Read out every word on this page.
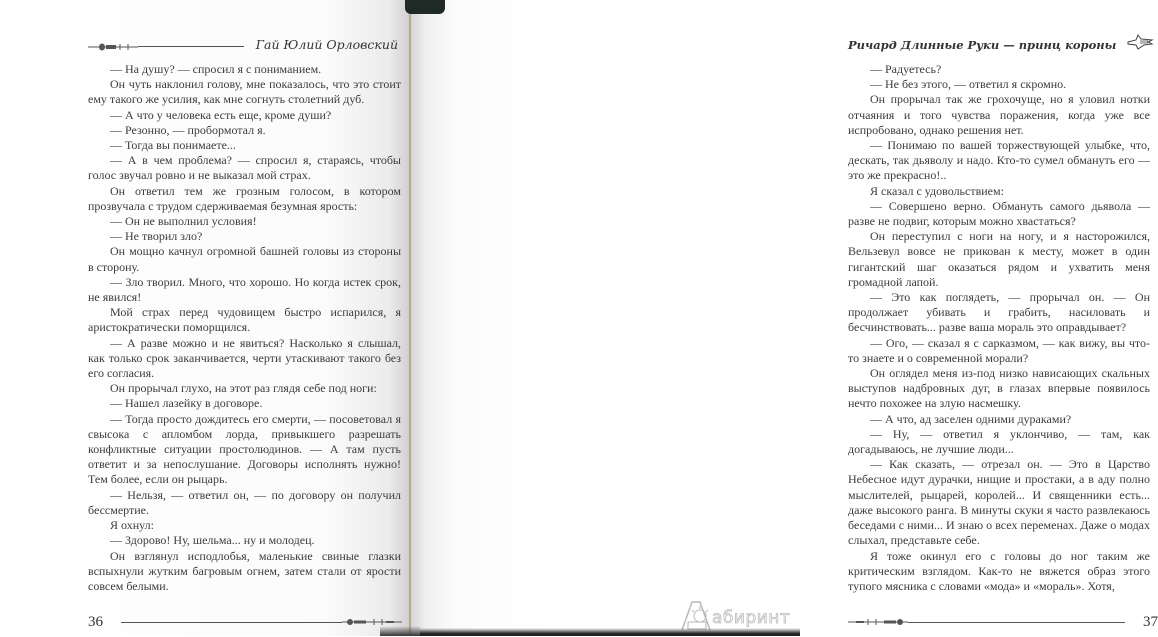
Гай Юлий Орловский

— На душу? — спросил я с пониманием.

Он чуть наклонил голову, мне показалось, что это стоит ему такого же усилия, как мне согнуть столетний дуб.

— А что у человека есть еще, кроме души?

— Резонно, — пробормотал я.

— Тогда вы понимаете...

— А в чем проблема? — спросил я, стараясь, чтобы голос звучал ровно и не выказал мой страх.

Он ответил тем же грозным голосом, в котором прозвучала с трудом сдерживаемая безумная ярость:

— Он не выполнил условия!

— Не творил зло?

Он мощно качнул огромной башней головы из стороны в сторону.

— Зло творил. Много, что хорошо. Но когда истек срок, не явился!

Мой страх перед чудовищем быстро испарился, я аристократически поморщился.

— А разве можно и не явиться? Насколько я слышал, как только срок заканчивается, черти утаскивают такого без его согласия.

Он прорычал глухо, на этот раз глядя себе под ноги:

— Нашел лазейку в договоре.

— Тогда просто дождитесь его смерти, — посоветовал я свысока с апломбом лорда, привыкшего разрешать конфликтные ситуации простолюдинов. — А там пусть ответит и за непослушание. Договоры исполнять нужно! Тем более, если он рыцарь.

— Нельзя, — ответил он, — по договору он получил бессмертие.

Я охнул:

— Здорово! Ну, шельма... ну и молодец.

Он взглянул исподлобья, маленькие свиные глазки вспыхнули жутким багровым огнем, затем стали от ярости совсем белыми.

36
Ричард Длинные Руки — принц короны

— Радуетесь?

— Не без этого, — ответил я скромно.

Он прорычал так же грохочуще, но я уловил нотки отчаяния и того чувства поражения, когда уже все испробовано, однако решения нет.

— Понимаю по вашей торжествующей улыбке, что, дескать, так дьяволу и надо. Кто-то сумел обмануть его — это же прекрасно!..

Я сказал с удовольствием:

— Совершено верно. Обмануть самого дьявола — разве не подвиг, которым можно хвастаться?

Он переступил с ноги на ногу, и я насторожился, Вельзевул вовсе не прикован к месту, может в один гигантский шаг оказаться рядом и ухватить меня громадной лапой.

— Это как поглядеть, — прорычал он. — Он продолжает убивать и грабить, насиловать и бесчинствовать... разве ваша мораль это оправдывает?

— Ого, — сказал я с сарказмом, — как вижу, вы что-то знаете и о современной морали?

Он оглядел меня из-под низко нависающих скальных выступов надбровных дуг, в глазах впервые появилось нечто похожее на злую насмешку.

— А что, ад заселен одними дураками?

— Ну, — ответил я уклончиво, — там, как догадываюсь, не лучшие люди...

— Как сказать, — отрезал он. — Это в Царство Небесное идут дурачки, нищие и простаки, а в аду полно мыслителей, рыцарей, королей... И священники есть... даже высокого ранга. В минуты скуки я часто развлекаюсь беседами с ними... И знаю о всех переменах. Даже о модах слыхал, представьте себе.

Я тоже окинул его с головы до ног таким же критическим взглядом. Как-то не вяжется образ этого тупого мясника с словами «мода» и «мораль». Хотя,

37
абиринт
